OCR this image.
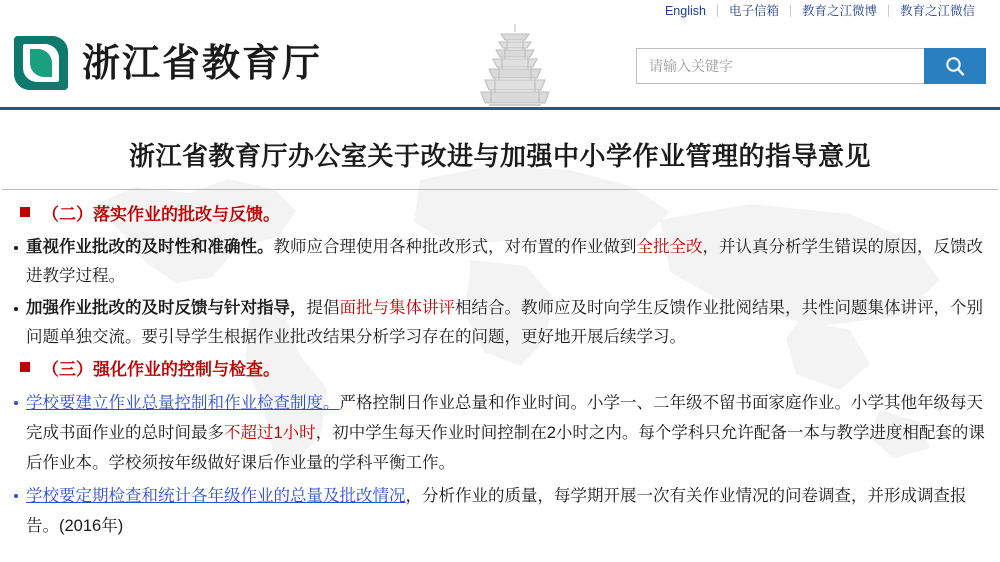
English	电子信箱	教育之江微博	教育之江微信
浙江省教育厅
请输入关键字
浙江省教育厅办公室关于改进与加强中小学作业管理的指导意见
（二）落实作业的批改与反馈。

重视作业批改的及时性和准确性。教师应合理使用各种批改形式，对布置的作业做到全批全改，并认真分析学生错误的原因，反馈改进教学过程。

加强作业批改的及时反馈与针对指导，提倡面批与集体讲评相结合。教师应及时向学生反馈作业批阅结果，共性问题集体讲评，个别问题单独交流。要引导学生根据作业批改结果分析学习存在的问题，更好地开展后续学习。

（三）强化作业的控制与检查。

学校要建立作业总量控制和作业检查制度。严格控制日作业总量和作业时间。小学一、二年级不留书面家庭作业。小学其他年级每天完成书面作业的总时间最多不超过1小时，初中学生每天作业时间控制在2小时之内。每个学科只允许配备一本与教学进度相配套的课后作业本。学校须按年级做好课后作业量的学科平衡工作。

学校要定期检查和统计各年级作业的总量及批改情况，分析作业的质量，每学期开展一次有关作业情况的问卷调查，并形成调查报告。(2016年)
